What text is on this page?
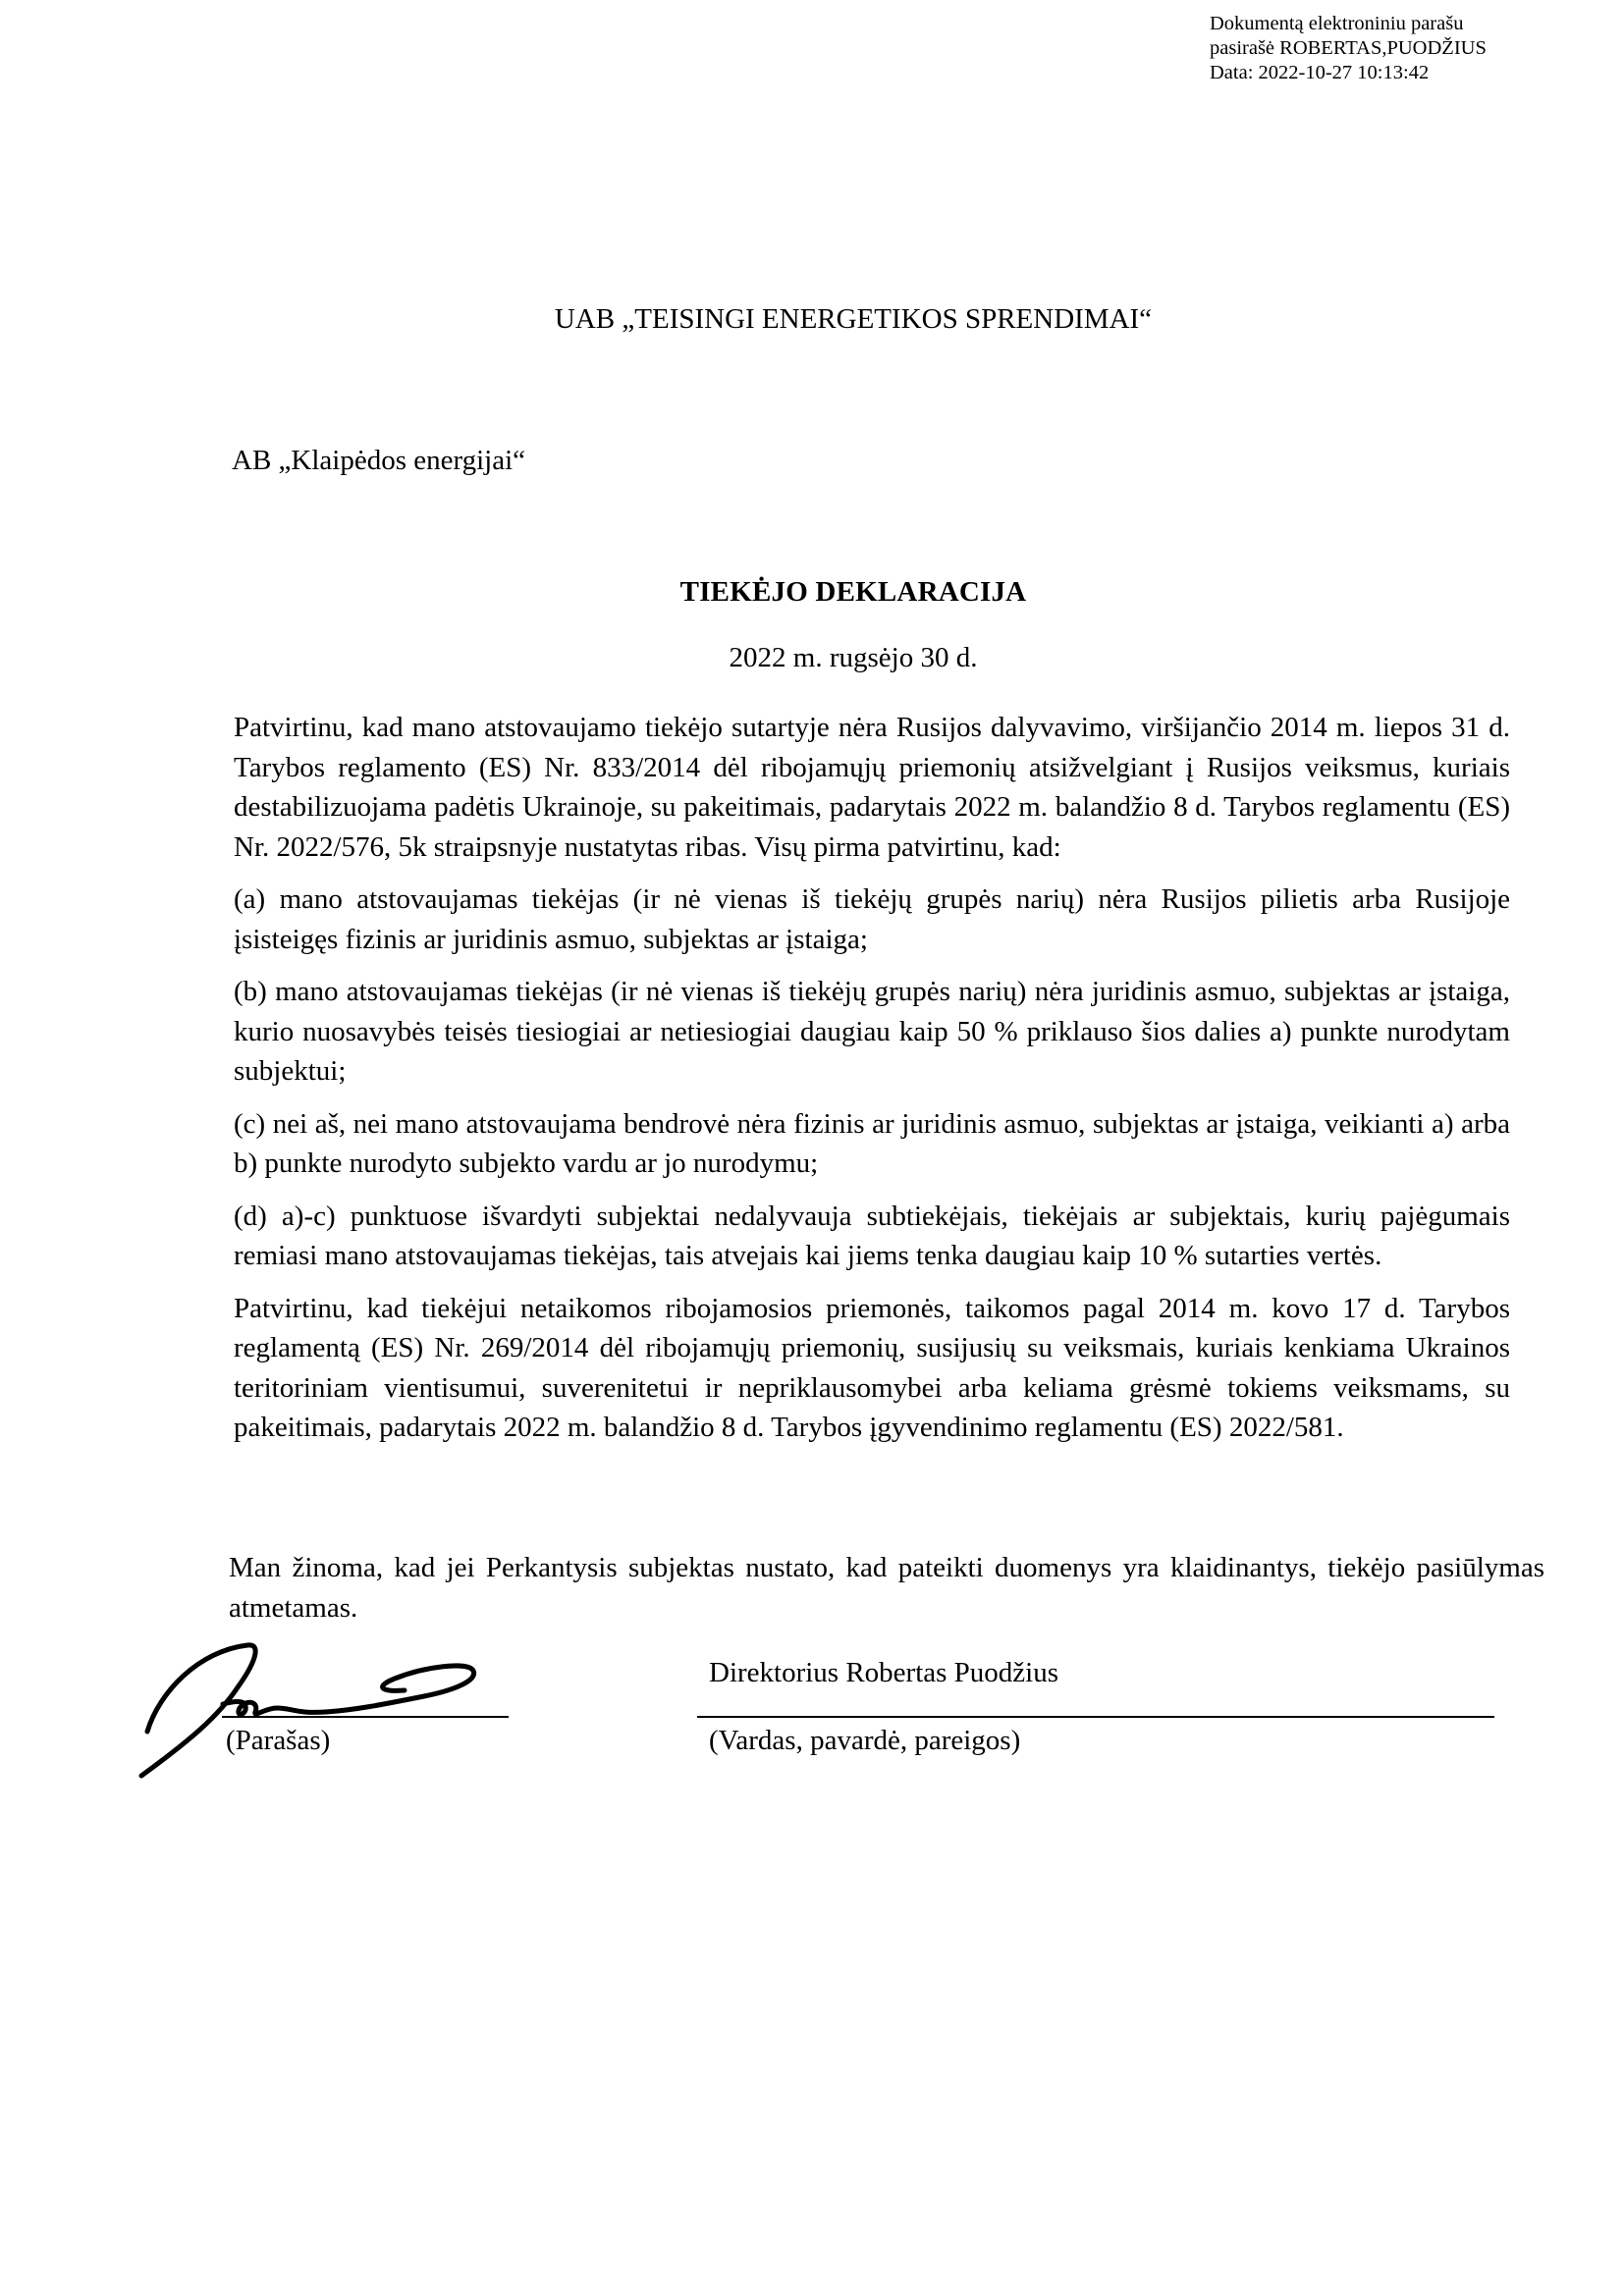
Dokumentą elektroniniu parašu
pasirašė ROBERTAS,PUODŽIUS
Data: 2022-10-27 10:13:42
UAB „TEISINGI ENERGETIKOS SPRENDIMAI“
AB „Klaipėdos energijai“
TIEKĖJO DEKLARACIJA
2022 m. rugsėjo 30 d.

Patvirtinu, kad mano atstovaujamo tiekėjo sutartyje nėra Rusijos dalyvavimo, viršijančio 2014 m. liepos 31 d. Tarybos reglamento (ES) Nr. 833/2014 dėl ribojamųjų priemonių atsižvelgiant į Rusijos veiksmus, kuriais destabilizuojama padėtis Ukrainoje, su pakeitimais, padarytais 2022 m. balandžio 8 d. Tarybos reglamentu (ES) Nr. 2022/576, 5k straipsnyje nustatytas ribas. Visų pirma patvirtinu, kad:

(a) mano atstovaujamas tiekėjas (ir nė vienas iš tiekėjų grupės narių) nėra Rusijos pilietis arba Rusijoje įsisteigęs fizinis ar juridinis asmuo, subjektas ar įstaiga;

(b) mano atstovaujamas tiekėjas (ir nė vienas iš tiekėjų grupės narių) nėra juridinis asmuo, subjektas ar įstaiga, kurio nuosavybės teisės tiesiogiai ar netiesiogiai daugiau kaip 50 % priklauso šios dalies a) punkte nurodytam subjektui;

(c) nei aš, nei mano atstovaujama bendrovė nėra fizinis ar juridinis asmuo, subjektas ar įstaiga, veikianti a) arba b) punkte nurodyto subjekto vardu ar jo nurodymu;

(d) a)-c) punktuose išvardyti subjektai nedalyvauja subtiekėjais, tiekėjais ar subjektais, kurių pajėgumais remiasi mano atstovaujamas tiekėjas, tais atvejais kai jiems tenka daugiau kaip 10 % sutarties vertės.

Patvirtinu, kad tiekėjui netaikomos ribojamosios priemonės, taikomos pagal 2014 m. kovo 17 d. Tarybos reglamentą (ES) Nr. 269/2014 dėl ribojamųjų priemonių, susijusių su veiksmais, kuriais kenkiama Ukrainos teritoriniam vientisumui, suverenitetui ir nepriklausomybei arba keliama grėsmė tokiems veiksmams, su pakeitimais, padarytais 2022 m. balandžio 8 d. Tarybos įgyvendinimo reglamentu (ES) 2022/581.

Man žinoma, kad jei Perkantysis subjektas nustato, kad pateikti duomenys yra klaidinantys, tiekėjo pasiūlymas atmetamas.

Direktorius Robertas Puodžius
(Parašas)	(Vardas, pavardė, pareigos)
